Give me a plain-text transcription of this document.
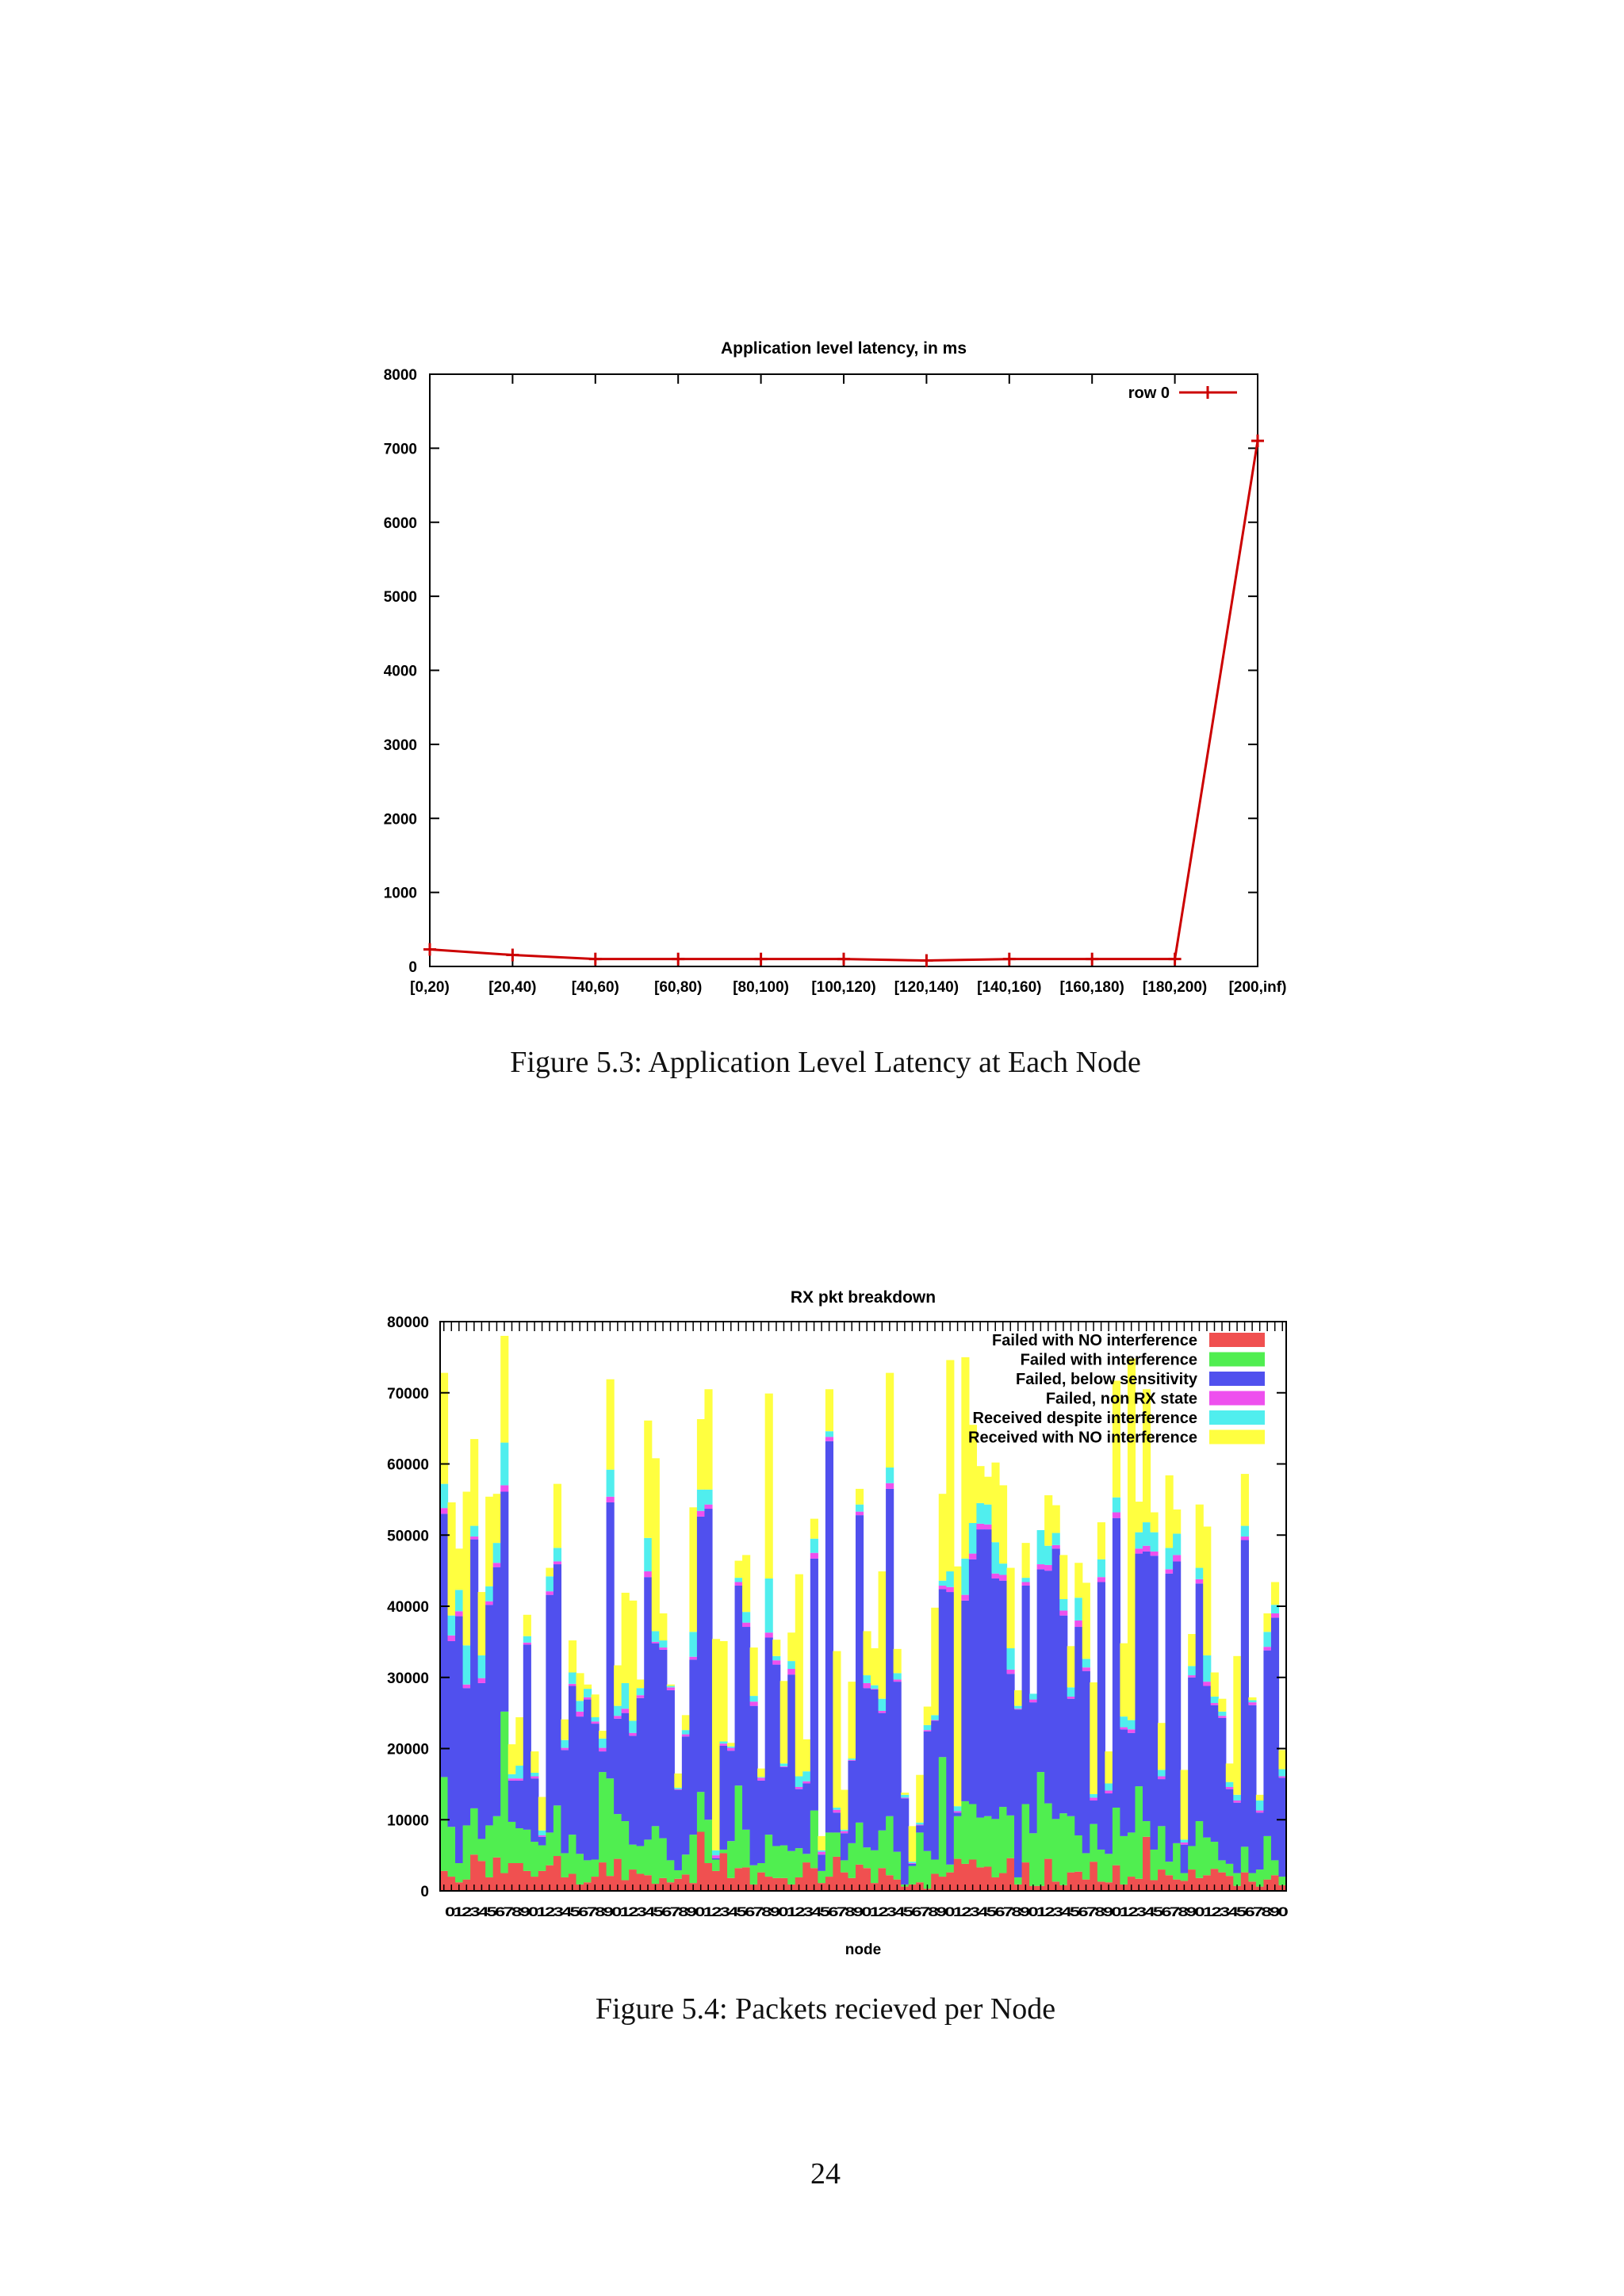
Application level latency, in ms
0
1000
2000
3000
4000
5000
6000
7000
8000
[0,20)	[20,40) [40,60) [60,80) [80,100) [100,120) [120,140) [140,160) [160,180) [180,200) [200,inf)
row 0
RX pkt breakdown
0
10000
20000
30000
40000
50000
60000
70000
80000
01234567890123456789012345678901234567890123456789012345678901234567890123456789012345678901234567890
node
Failed with NO interference
Failed with interference
Failed, below sensitivity
Failed, non RX state
Received despite interference
Received with NO interference
Figure 5.3: Application Level Latency at Each Node
Figure 5.4: Packets recieved per Node
24
